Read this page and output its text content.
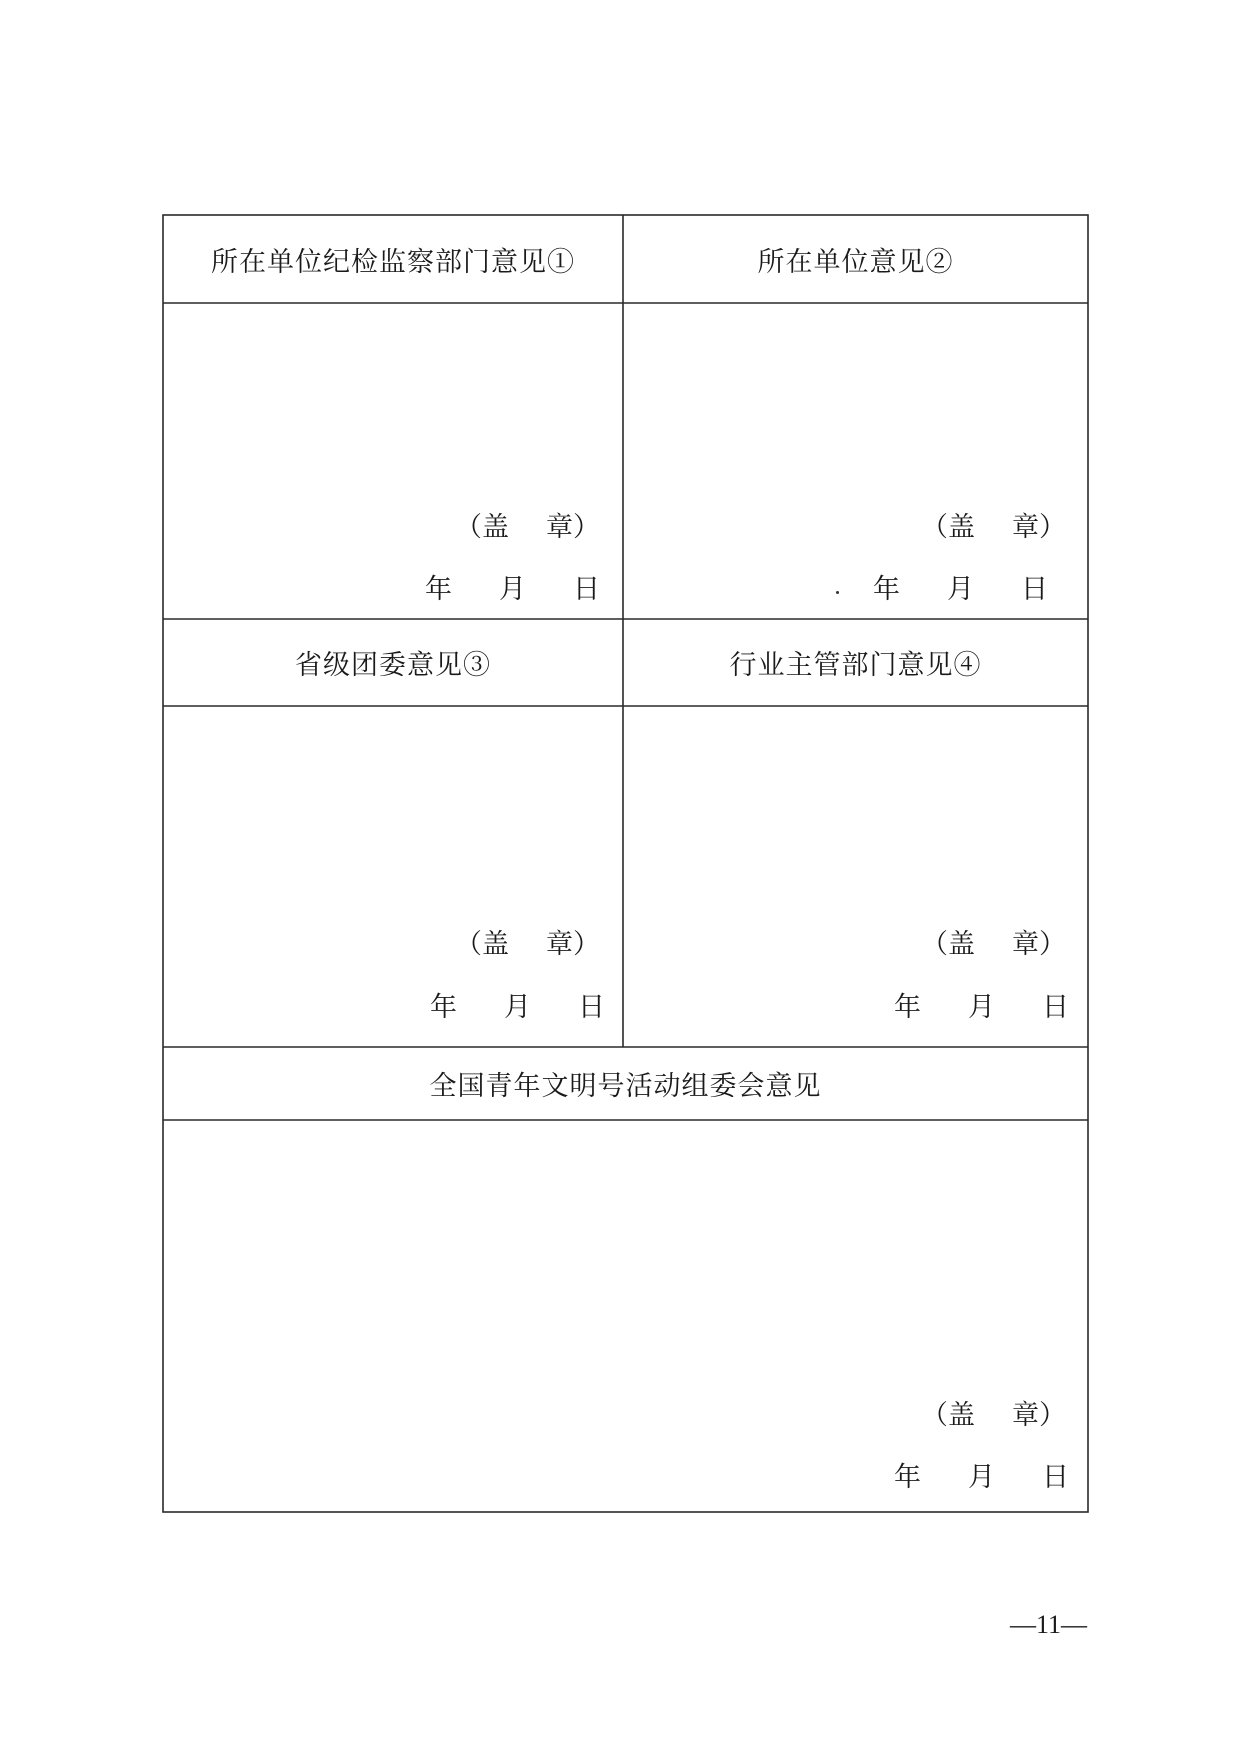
所在单位纪检监察部门意见①
（盖 章）
年 月 日
所在单位意见②
（盖 章）
年 月 日
省级团委意见③
（盖 章）
年 月 日
行业主管部门意见④
（盖 章）
年 月 日
全国青年文明号活动组委会意见
（盖 章）
年 月 日
—11—
